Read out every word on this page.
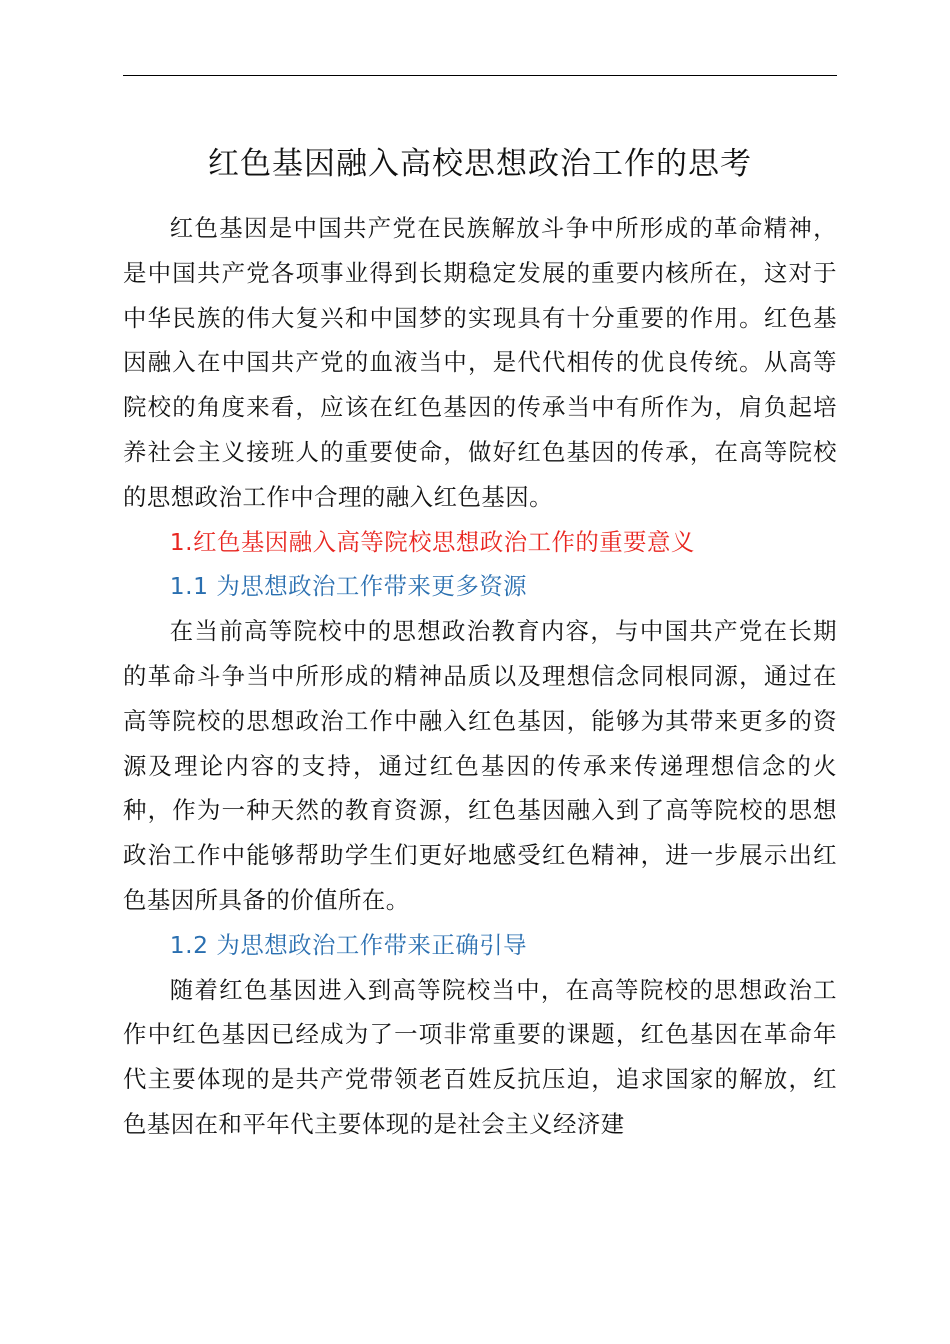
红色基因融入高校思想政治工作的思考

红色基因是中国共产党在民族解放斗争中所形成的革命精神，是中国共产党各项事业得到长期稳定发展的重要内核所在，这对于中华民族的伟大复兴和中国梦的实现具有十分重要的作用。红色基因融入在中国共产党的血液当中，是代代相传的优良传统。从高等院校的角度来看，应该在红色基因的传承当中有所作为，肩负起培养社会主义接班人的重要使命，做好红色基因的传承，在高等院校的思想政治工作中合理的融入红色基因。

1.红色基因融入高等院校思想政治工作的重要意义

1.1 为思想政治工作带来更多资源

在当前高等院校中的思想政治教育内容，与中国共产党在长期的革命斗争当中所形成的精神品质以及理想信念同根同源，通过在高等院校的思想政治工作中融入红色基因，能够为其带来更多的资源及理论内容的支持，通过红色基因的传承来传递理想信念的火种，作为一种天然的教育资源，红色基因融入到了高等院校的思想政治工作中能够帮助学生们更好地感受红色精神，进一步展示出红色基因所具备的价值所在。

1.2 为思想政治工作带来正确引导

随着红色基因进入到高等院校当中，在高等院校的思想政治工作中红色基因已经成为了一项非常重要的课题，红色基因在革命年代主要体现的是共产党带领老百姓反抗压迫，追求国家的解放，红色基因在和平年代主要体现的是社会主义经济建
